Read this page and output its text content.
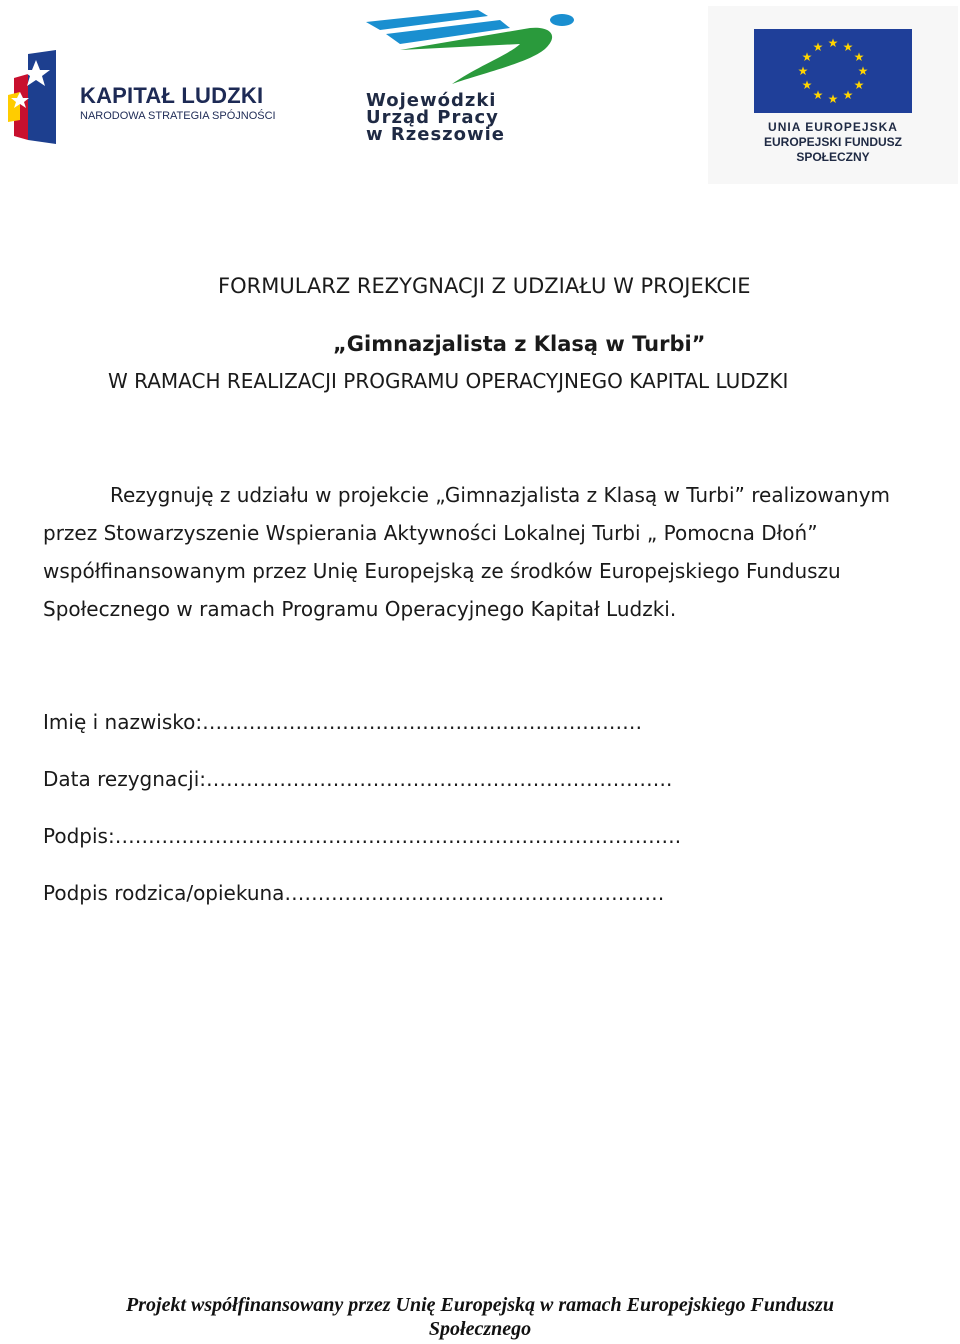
KAPITAŁ LUDZKI
NARODOWA STRATEGIA SPÓJNOŚCI
Wojewódzki
Urząd Pracy
w Rzeszowie
★ ★
★
★
★
★
★
★
★
★
★
★
UNIA EUROPEJSKA
EUROPEJSKI FUNDUSZ
SPOŁECZNY
FORMULARZ REZYGNACJI Z UDZIAŁU W PROJEKCIE
„Gimnazjalista z Klasą w Turbi”
W RAMACH REALIZACJI PROGRAMU OPERACYJNEGO KAPITAL LUDZKI
Rezygnuję z udziału w projekcie „Gimnazjalista z Klasą w Turbi” realizowanym
przez Stowarzyszenie Wspierania Aktywności Lokalnej Turbi „ Pomocna Dłoń”
współfinansowanym przez Unię Europejską ze środków Europejskiego Funduszu
Społecznego w ramach Programu Operacyjnego Kapitał Ludzki.
Imię i nazwisko:…………………………………………………………
Data rezygnacji:…………………………………………………………….
Podpis:………………………………………………………………………….
Podpis rodzica/opiekuna…………………………………………………
Projekt współfinansowany przez Unię Europejską w ramach Europejskiego Funduszu
Społecznego
